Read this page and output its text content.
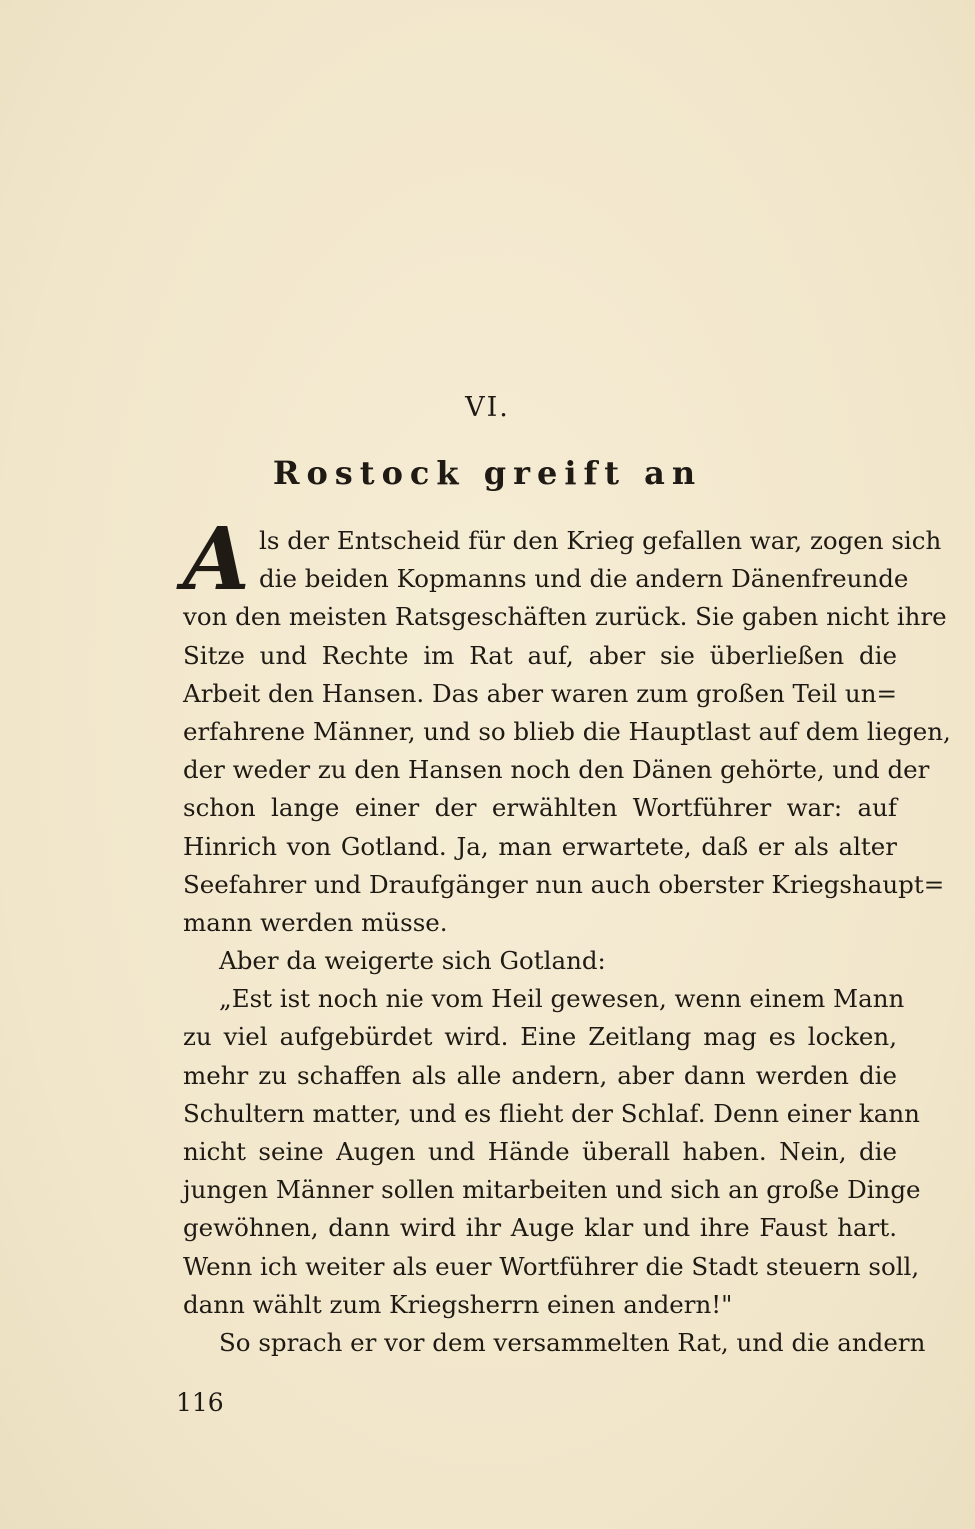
VI.
Rostock greift an
A ls der Entscheid für den Krieg gefallen war, zogen sich
die beiden Kopmanns und die andern Dänenfreunde
von den meisten Ratsgeschäften zurück. Sie gaben nicht ihre
Sitze und Rechte im Rat auf, aber sie überließen die
Arbeit den Hansen. Das aber waren zum großen Teil un=
erfahrene Männer, und so blieb die Hauptlast auf dem liegen,
der weder zu den Hansen noch den Dänen gehörte, und der
schon lange einer der erwählten Wortführer war: auf
Hinrich von Gotland. Ja, man erwartete, daß er als alter
Seefahrer und Draufgänger nun auch oberster Kriegshaupt=
mann werden müsse.
Aber da weigerte sich Gotland:
„Est ist noch nie vom Heil gewesen, wenn einem Mann
zu viel aufgebürdet wird. Eine Zeitlang mag es locken,
mehr zu schaffen als alle andern, aber dann werden die
Schultern matter, und es flieht der Schlaf. Denn einer kann
nicht seine Augen und Hände überall haben. Nein, die
jungen Männer sollen mitarbeiten und sich an große Dinge
gewöhnen, dann wird ihr Auge klar und ihre Faust hart.
Wenn ich weiter als euer Wortführer die Stadt steuern soll,
dann wählt zum Kriegsherrn einen andern!"
So sprach er vor dem versammelten Rat, und die andern
116
